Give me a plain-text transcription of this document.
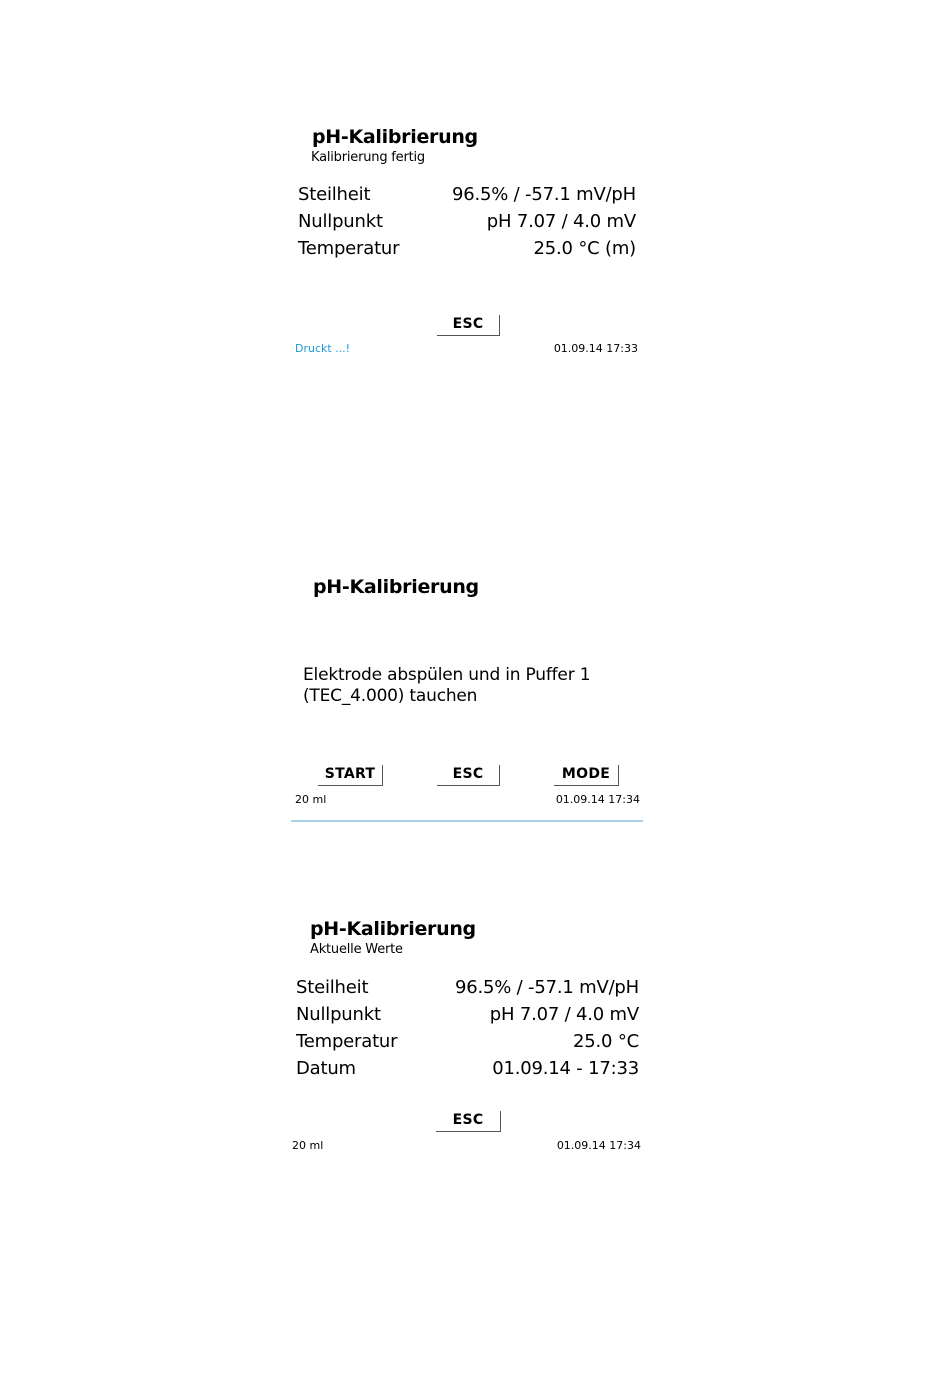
pH-Kalibrierung
Kalibrierung fertig
Steilheit	96.5% / -57.1 mV/pH
Nullpunkt	pH 7.07 / 4.0 mV
Temperatur	25.0 °C (m)
ESC
Druckt ...!	01.09.14 17:33
pH-Kalibrierung
Elektrode abspülen und in Puffer 1
(TEC_4.000) tauchen
START	ESC	MODE
20 ml	01.09.14 17:34
pH-Kalibrierung
Aktuelle Werte
Steilheit	96.5% / -57.1 mV/pH
Nullpunkt	pH 7.07 / 4.0 mV
Temperatur	25.0 °C
Datum	01.09.14 - 17:33
ESC
20 ml	01.09.14 17:34
